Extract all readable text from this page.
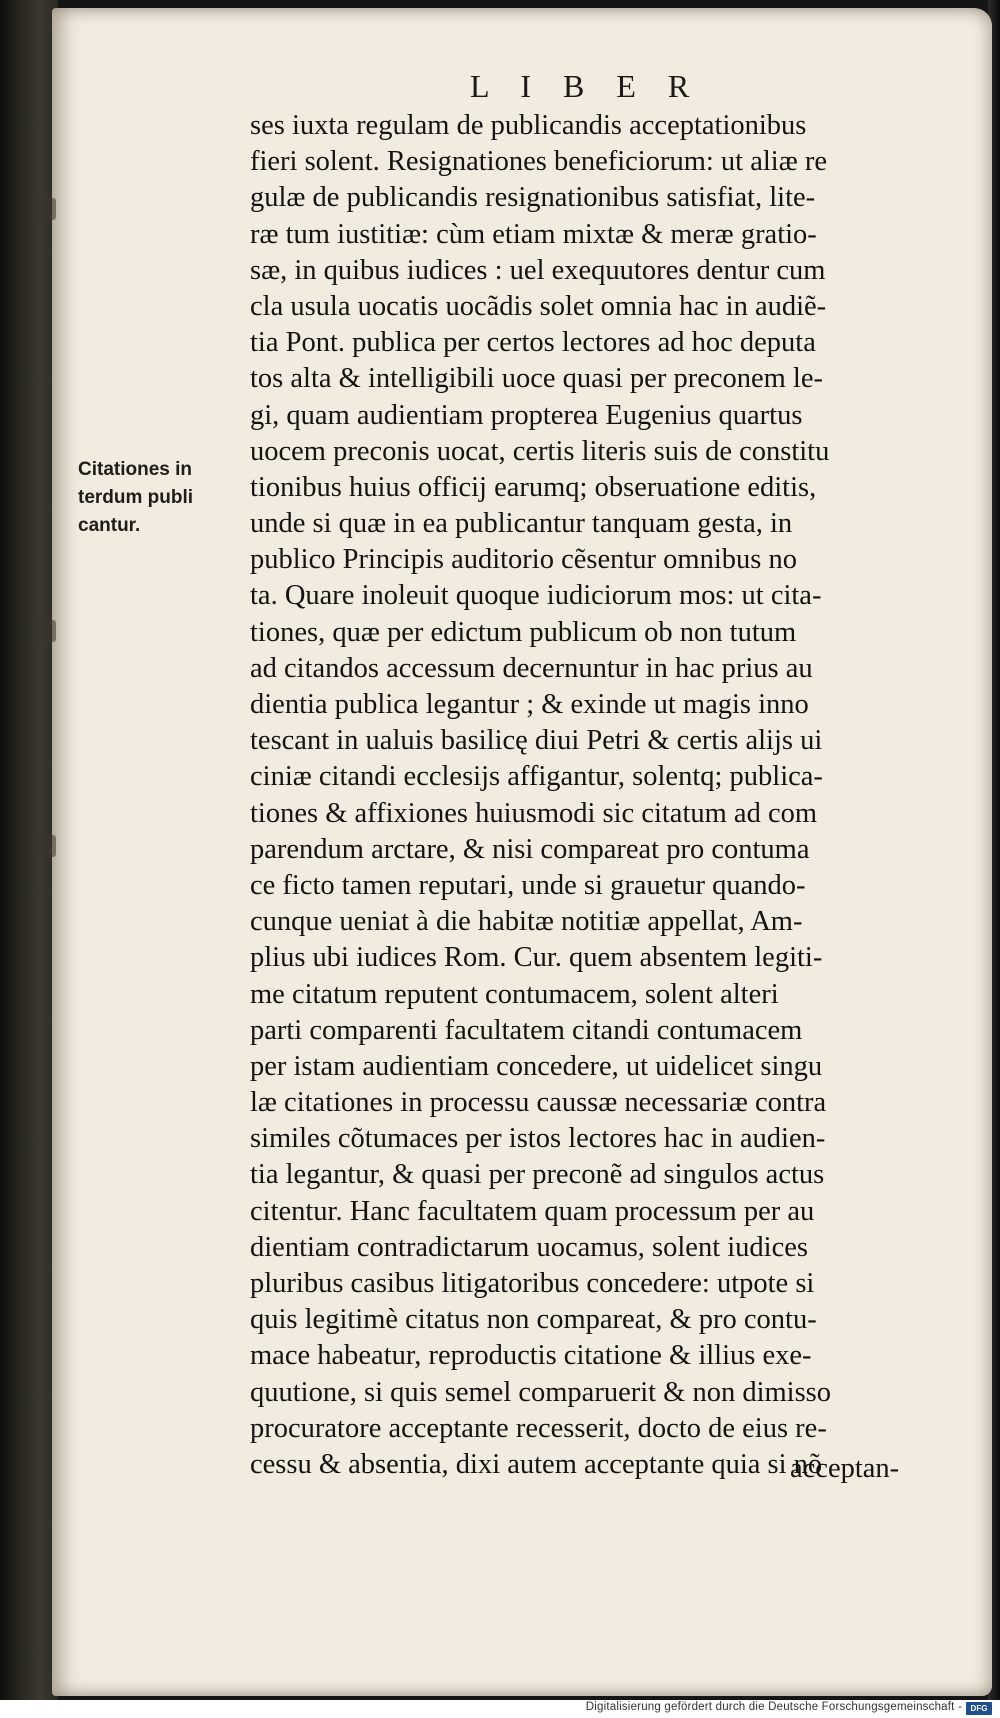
L I B E R
Citationes in
terdum publi
cantur.
ses iuxta regulam de publicandis acceptationibus
fieri solent. Resignationes beneficiorum: ut aliæ re
gulæ de publicandis resignationibus satisfiat, lite-
ræ tum iustitiæ: cùm etiam mixtæ & meræ gratio-
sæ, in quibus iudices : uel exequutores dentur cum
cla usula uocatis uocãdis solet omnia hac in audiẽ-
tia Pont. publica per certos lectores ad hoc deputa
tos alta & intelligibili uoce quasi per preconem le-
gi, quam audientiam propterea Eugenius quartus
uocem preconis uocat, certis literis suis de constitu
tionibus huius officij earumq; obseruatione editis,
unde si quæ in ea publicantur tanquam gesta, in
publico Principis auditorio cẽsentur omnibus no
ta. Quare inoleuit quoque iudiciorum mos: ut cita-
tiones, quæ per edictum publicum ob non tutum
ad citandos accessum decernuntur in hac prius au
dientia publica legantur ; & exinde ut magis inno
tescant in ualuis basilicę diui Petri & certis alijs ui
ciniæ citandi ecclesijs affigantur, solentq; publica-
tiones & affixiones huiusmodi sic citatum ad com
parendum arctare, & nisi compareat pro contuma
ce ficto tamen reputari, unde si grauetur quando-
cunque ueniat à die habitæ notitiæ appellat, Am-
plius ubi iudices Rom. Cur. quem absentem legiti-
me citatum reputent contumacem, solent alteri
parti comparenti facultatem citandi contumacem
per istam audientiam concedere, ut uidelicet singu
læ citationes in processu caussæ necessariæ contra
similes cõtumaces per istos lectores hac in audien-
tia legantur, & quasi per preconẽ ad singulos actus
citentur. Hanc facultatem quam processum per au
dientiam contradictarum uocamus, solent iudices
pluribus casibus litigatoribus concedere: utpote si
quis legitimè citatus non compareat, & pro contu-
mace habeatur, reproductis citatione & illius exe-
quutione, si quis semel comparuerit & non dimisso
procuratore acceptante recesserit, docto de eius re-
cessu & absentia, dixi autem acceptante quia si nõ
acceptan-
Digitalisierung gefördert durch die Deutsche Forschungsgemeinschaft -	DFG
